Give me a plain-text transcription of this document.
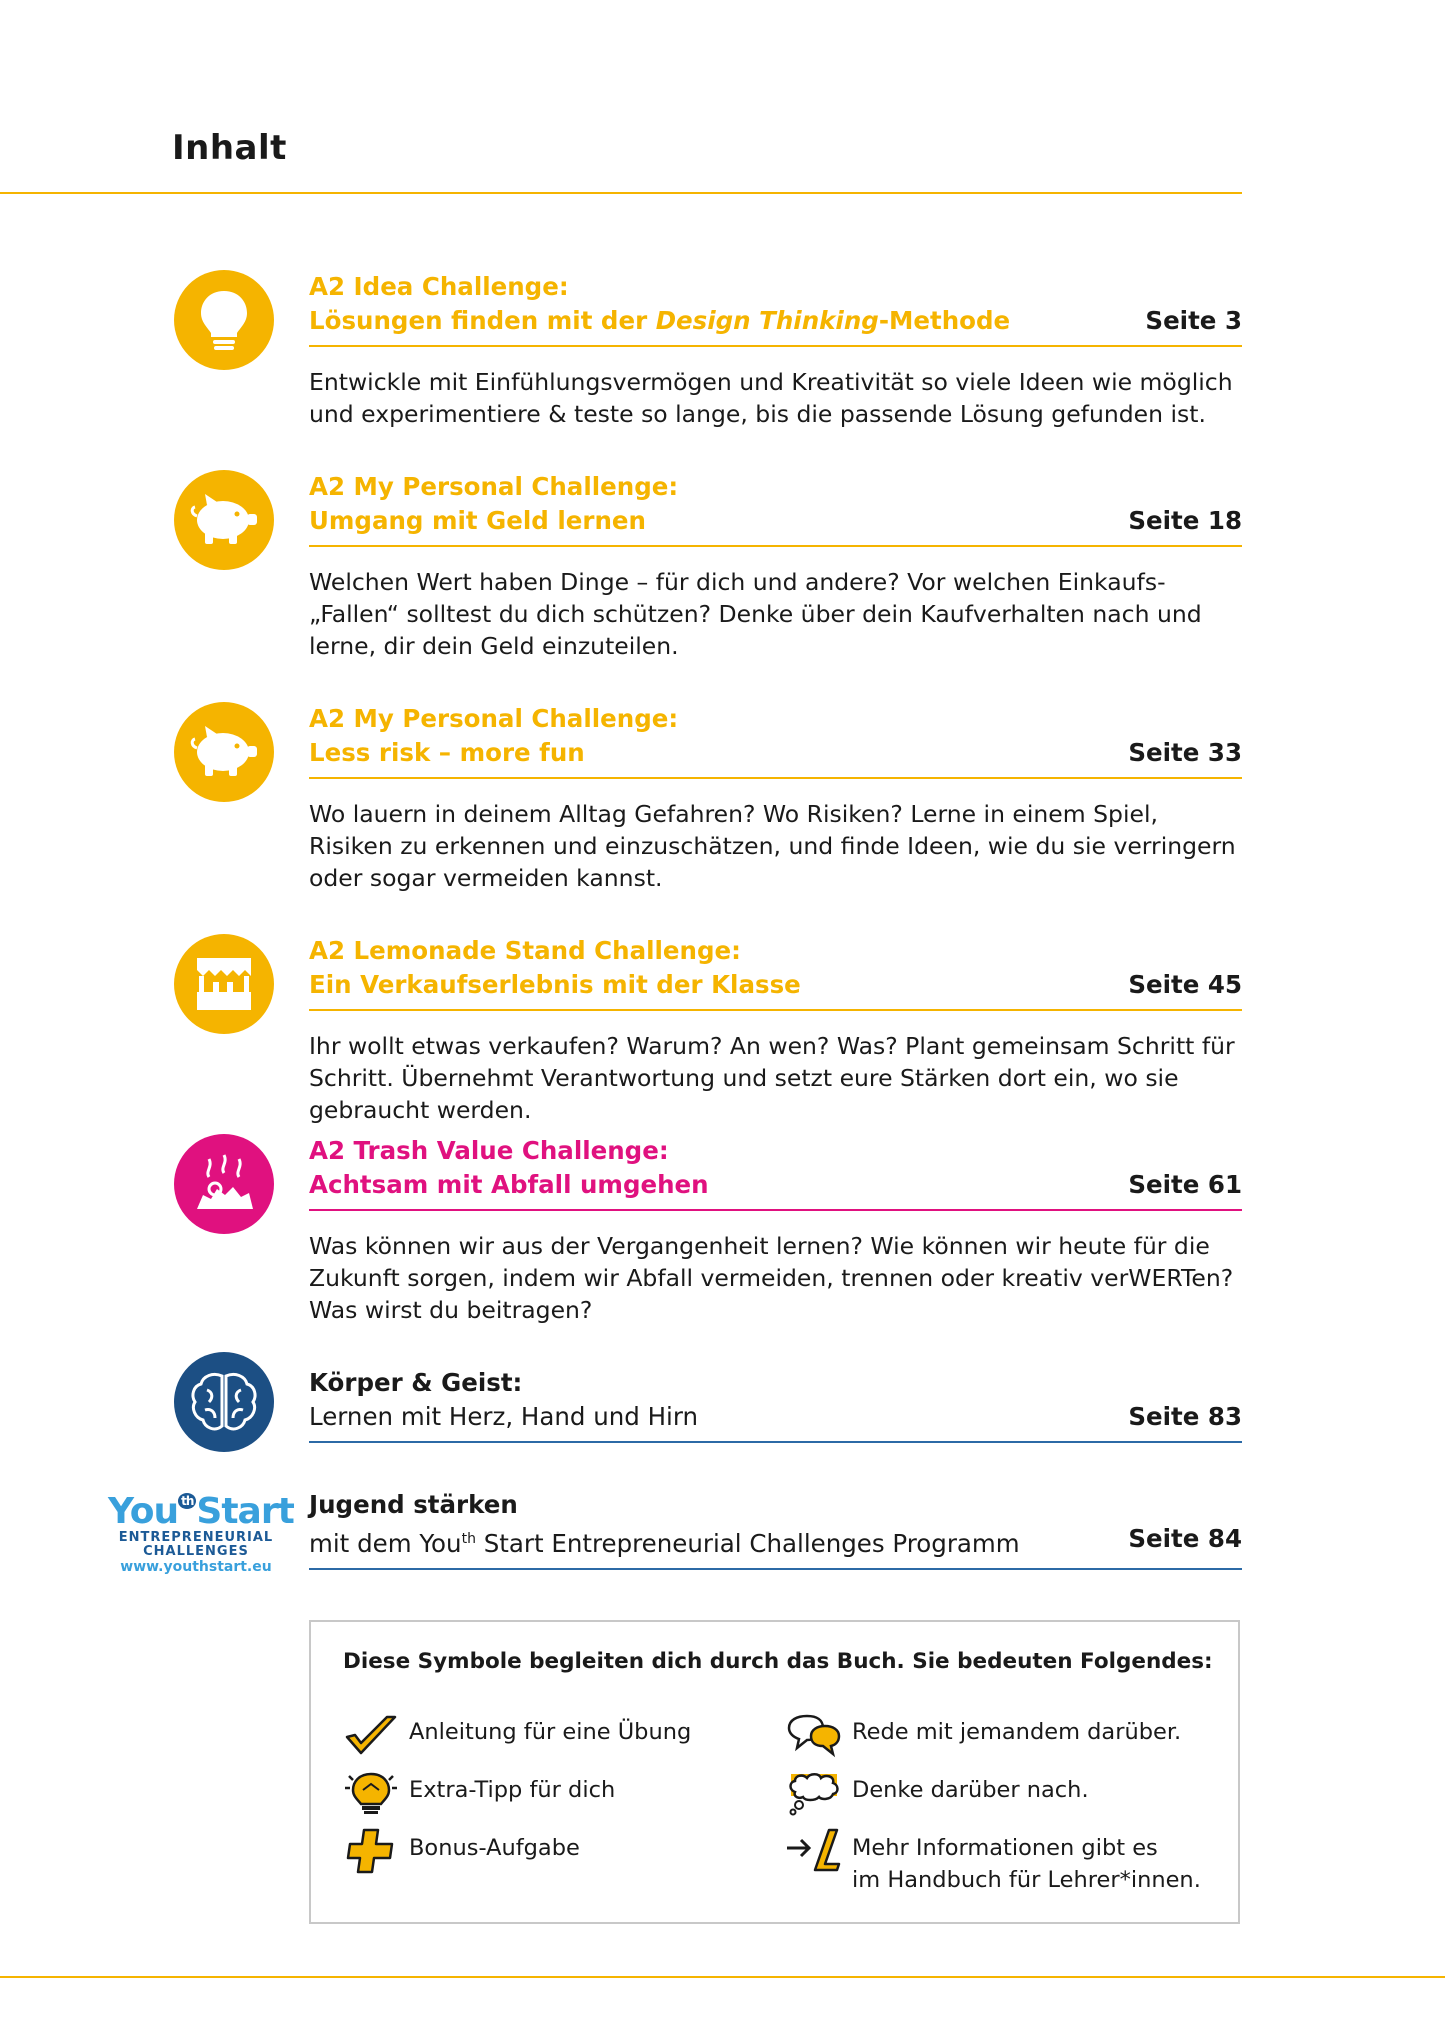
Inhalt
A2 Idea Challenge:
Lösungen finden mit der Design Thinking-Methode	Seite 3
Entwickle mit Einfühlungsvermögen und Kreativität so viele Ideen wie möglich und experimentiere & teste so lange, bis die passende Lösung gefunden ist.
A2 My Personal Challenge:
Umgang mit Geld lernen	Seite 18
Welchen Wert haben Dinge – für dich und andere? Vor welchen Einkaufs-„Fallen“ solltest du dich schützen? Denke über dein Kaufverhalten nach und lerne, dir dein Geld einzuteilen.
A2 My Personal Challenge:
Less risk – more fun	Seite 33
Wo lauern in deinem Alltag Gefahren? Wo Risiken? Lerne in einem Spiel, Risiken zu erkennen und einzuschätzen, und finde Ideen, wie du sie verringern oder sogar vermeiden kannst.
A2 Lemonade Stand Challenge:
Ein Verkaufserlebnis mit der Klasse	Seite 45
Ihr wollt etwas verkaufen? Warum? An wen? Was? Plant gemeinsam Schritt für Schritt. Übernehmt Verantwortung und setzt eure Stärken dort ein, wo sie gebraucht werden.
A2 Trash Value Challenge:
Achtsam mit Abfall umgehen	Seite 61
Was können wir aus der Vergangenheit lernen? Wie können wir heute für die Zukunft sorgen, indem wir Abfall vermeiden, trennen oder kreativ verWERTen? Was wirst du beitragen?
Körper & Geist:
Lernen mit Herz, Hand und Hirn	Seite 83
You $^{th}$Start
ENTREPRENEURIAL
CHALLENGES
www.youthstart.eu
Jugend stärken
mit dem You$^{th}$ Start Entrepreneurial Challenges Programm	Seite 84
Diese Symbole begleiten dich durch das Buch. Sie bedeuten Folgendes:
Anleitung für eine Übung
Extra-Tipp für dich
Bonus-Aufgabe
Rede mit jemandem darüber.
Denke darüber nach.
Mehr Informationen gibt es
im Handbuch für Lehrer*innen.
